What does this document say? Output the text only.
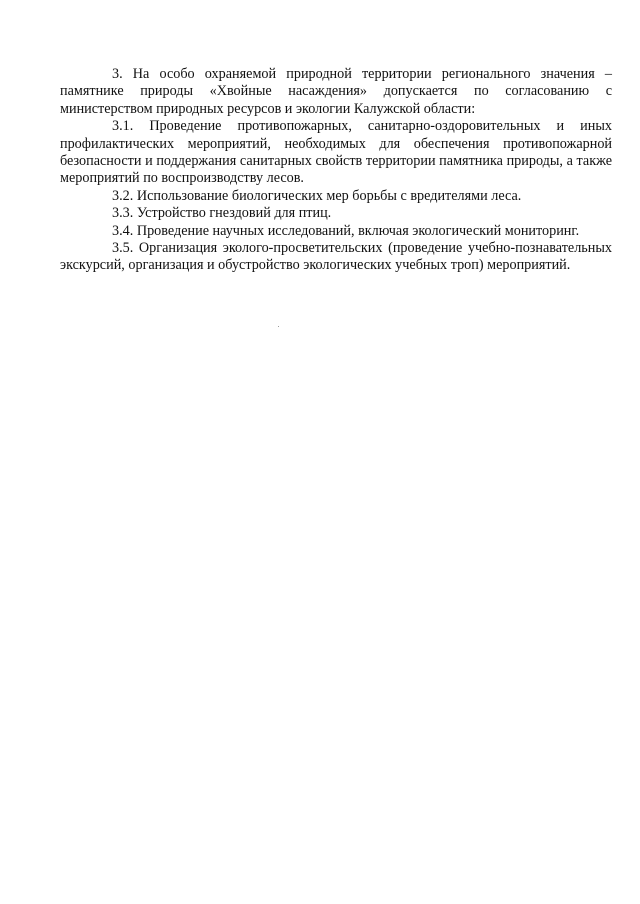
3. На особо охраняемой природной территории регионального значения – памятнике природы «Хвойные насаждения» допускается по согласованию с министерством природных ресурсов и экологии Калужской области:

3.1. Проведение противопожарных, санитарно-оздоровительных и иных профилактических мероприятий, необходимых для обеспечения противопожарной безопасности и поддержания санитарных свойств территории памятника природы, а также мероприятий по воспроизводству лесов.

3.2. Использование биологических мер борьбы с вредителями леса.

3.3. Устройство гнездовий для птиц.

3.4. Проведение научных исследований, включая экологический мониторинг.

3.5. Организация эколого-просветительских (проведение учебно-познавательных экскурсий, организация и обустройство экологических учебных троп) мероприятий.
